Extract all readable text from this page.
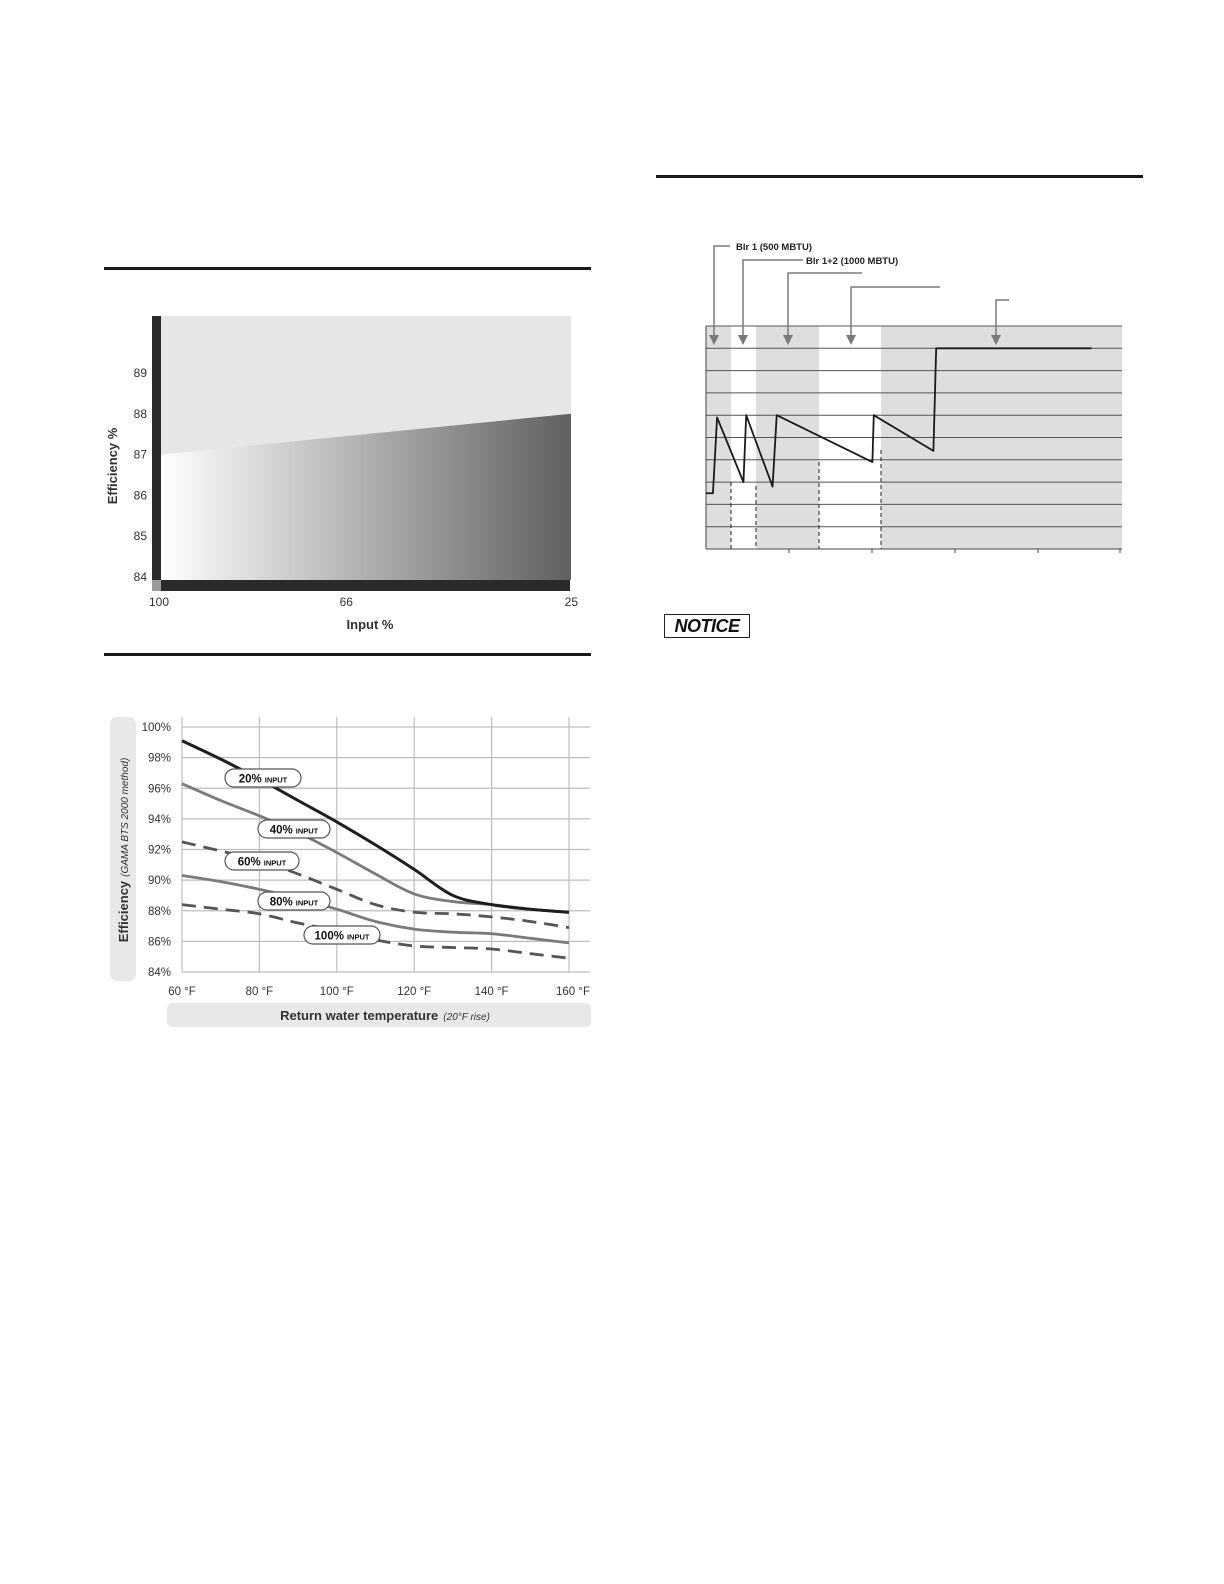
84
85
86
87
88
89
100	66	25
Input %
Efficiency %
84%
86%
88%
90%
92%
94%
96%
98%
100%
60 °F	80 °F	100 °F	120 °F	140 °F	160 °F
20% INPUT
40% INPUT
60% INPUT
80% INPUT
100% INPUT
Efficiency(GAMA BTS 2000 method)
Return water temperature (20°F rise)
Blr 1 (500 MBTU)
Blr 1+2 (1000 MBTU)
NOTICE
